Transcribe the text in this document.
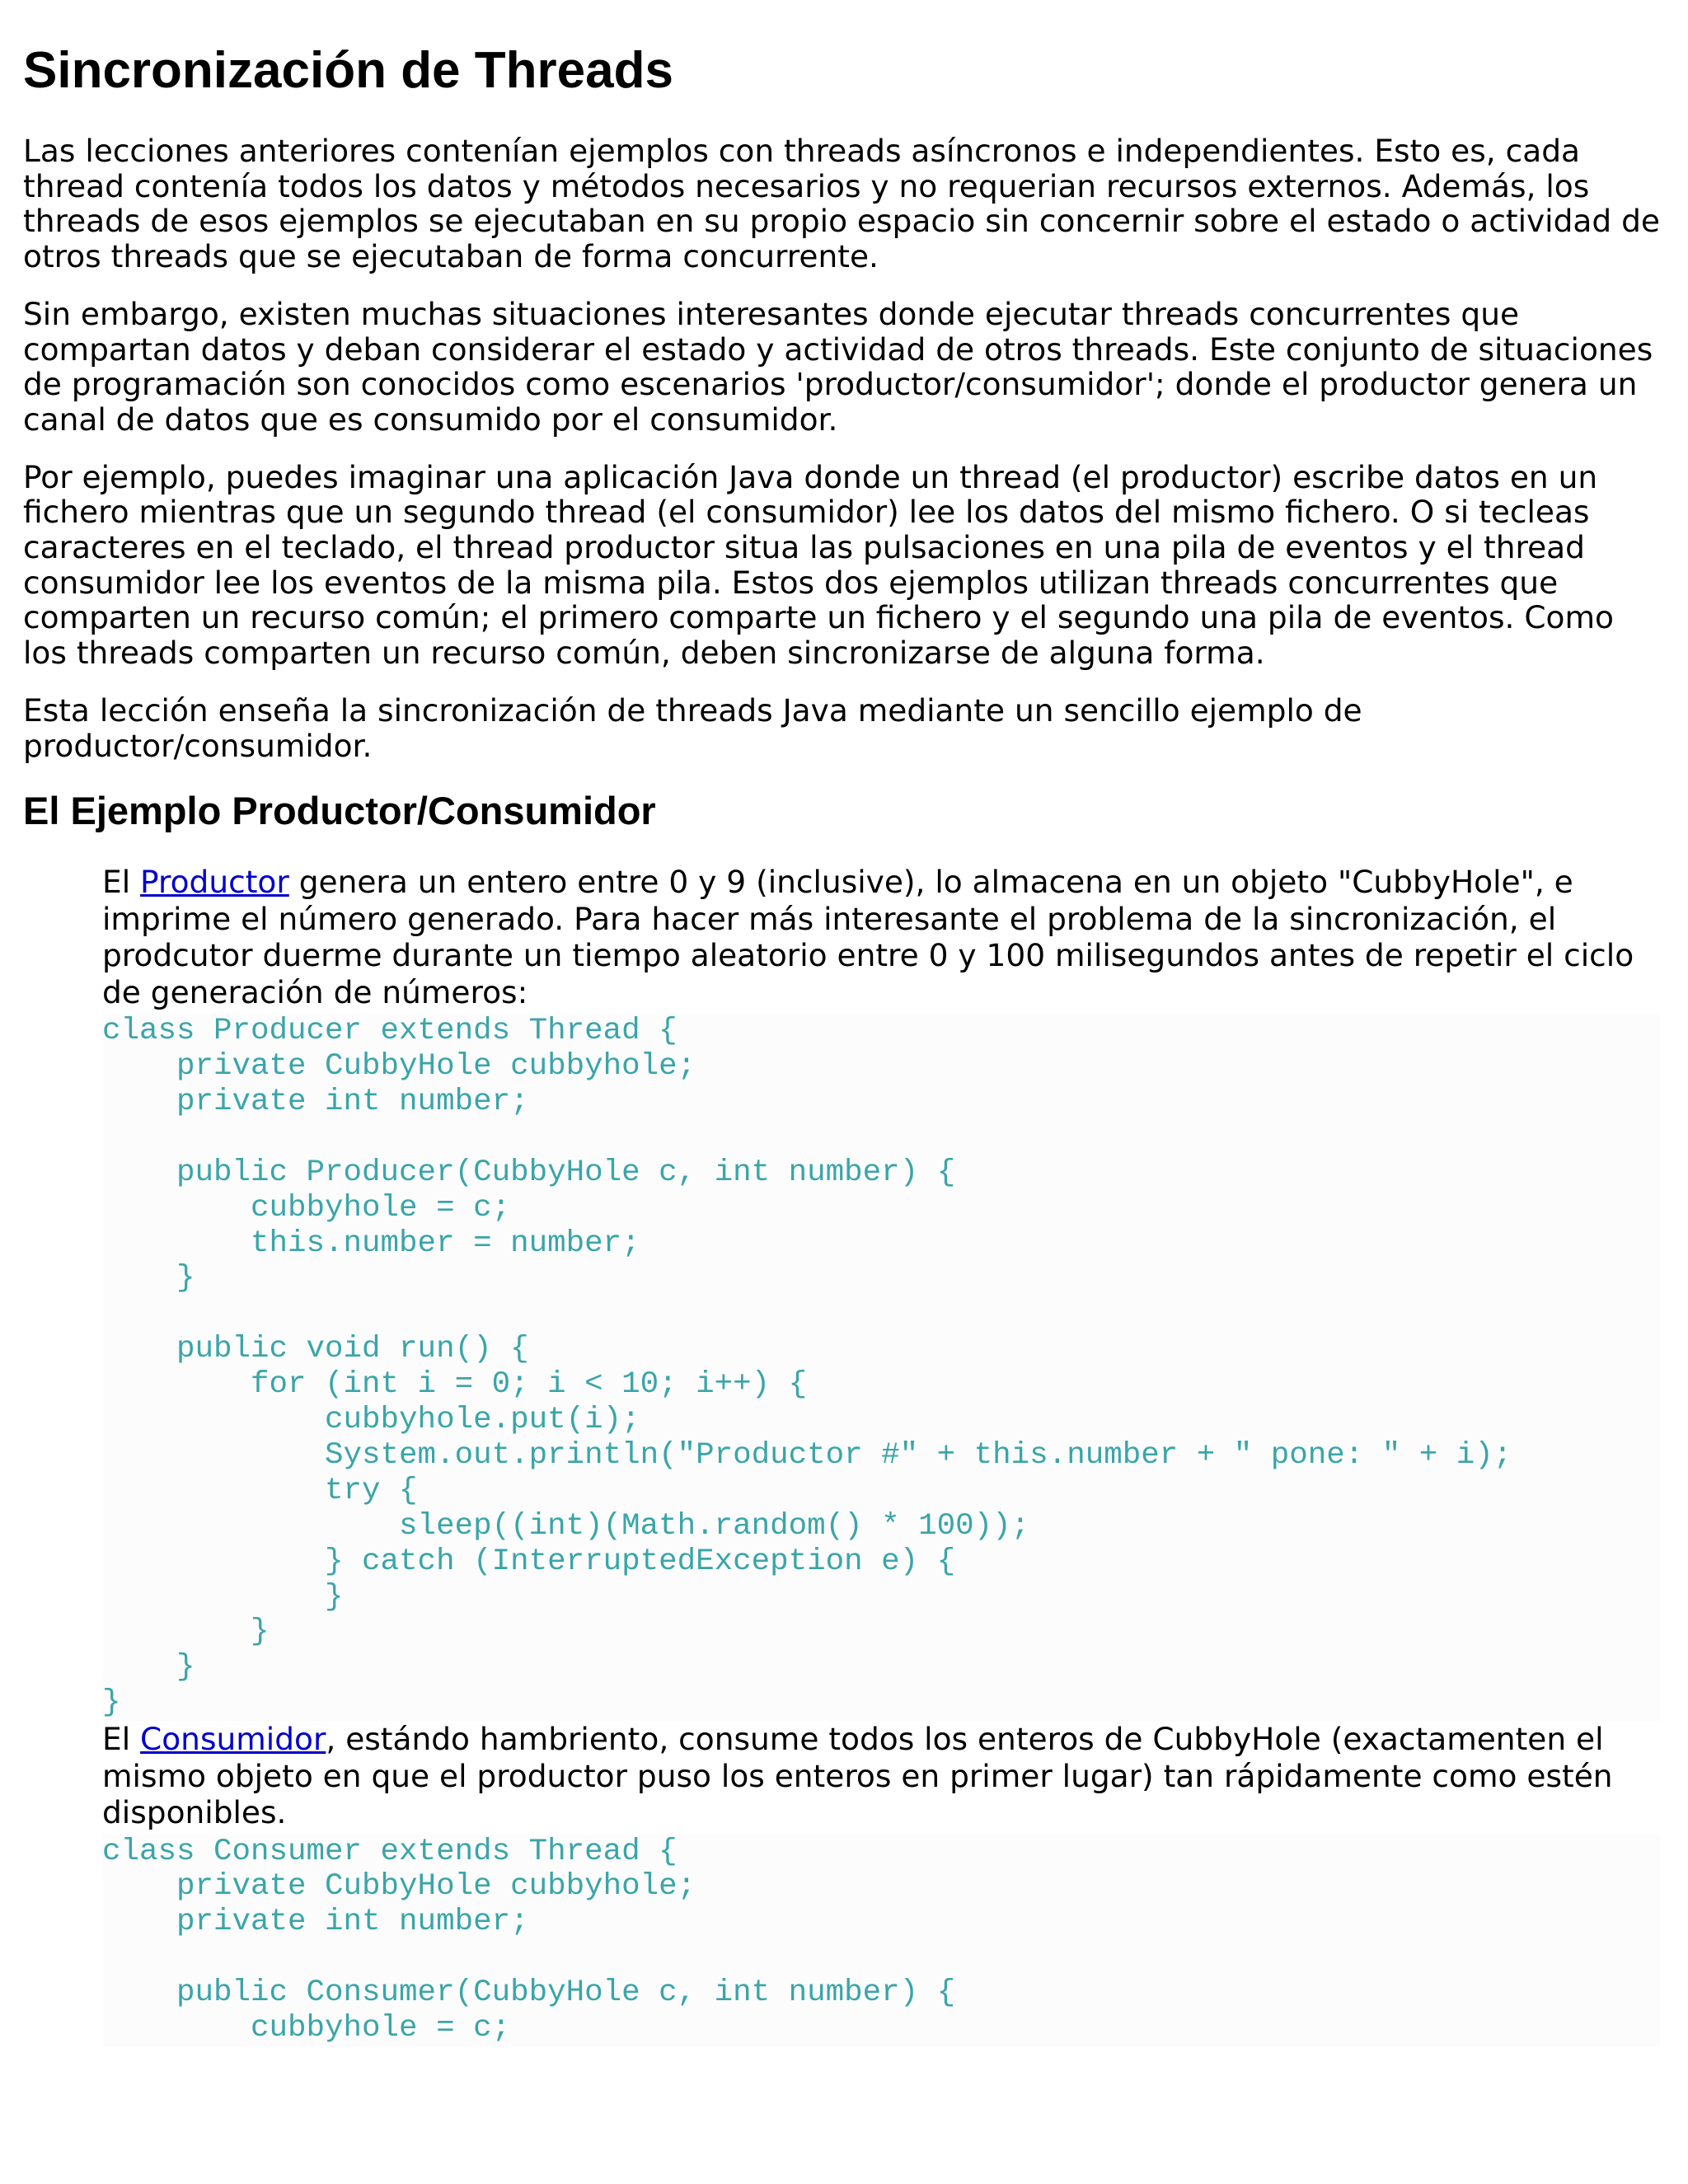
Sincronización de Threads

Las lecciones anteriores contenían ejemplos con threads asíncronos e independientes. Esto es, cada thread contenía todos los datos y métodos necesarios y no requerian recursos externos. Además, los threads de esos ejemplos se ejecutaban en su propio espacio sin concernir sobre el estado o actividad de otros threads que se ejecutaban de forma concurrente.

Sin embargo, existen muchas situaciones interesantes donde ejecutar threads concurrentes que compartan datos y deban considerar el estado y actividad de otros threads. Este conjunto de situaciones de programación son conocidos como escenarios 'productor/consumidor'; donde el productor genera un canal de datos que es consumido por el consumidor.

Por ejemplo, puedes imaginar una aplicación Java donde un thread (el productor) escribe datos en un fichero mientras que un segundo thread (el consumidor) lee los datos del mismo fichero. O si tecleas caracteres en el teclado, el thread productor situa las pulsaciones en una pila de eventos y el thread consumidor lee los eventos de la misma pila. Estos dos ejemplos utilizan threads concurrentes que comparten un recurso común; el primero comparte un fichero y el segundo una pila de eventos. Como los threads comparten un recurso común, deben sincronizarse de alguna forma.

Esta lección enseña la sincronización de threads Java mediante un sencillo ejemplo de productor/consumidor.

El Ejemplo Productor/Consumidor

El Productor genera un entero entre 0 y 9 (inclusive), lo almacena en un objeto "CubbyHole", e imprime el número generado. Para hacer más interesante el problema de la sincronización, el prodcutor duerme durante un tiempo aleatorio entre 0 y 100 milisegundos antes de repetir el ciclo de generación de números:

class Producer extends Thread {
private CubbyHole cubbyhole;
private int number;
public Producer(CubbyHole c, int number) {
cubbyhole = c;
this.number = number;
}
public void run() {
for (int i = 0; i < 10; i++) {
cubbyhole.put(i);
System.out.println("Productor #" + this.number + " pone: " + i);
try {
sleep((int)(Math.random() * 100));
} catch (InterruptedException e) {
}
}
}
}

El Consumidor, estándo hambriento, consume todos los enteros de CubbyHole (exactamenten el mismo objeto en que el productor puso los enteros en primer lugar) tan rápidamente como estén disponibles.

class Consumer extends Thread {
private CubbyHole cubbyhole;
private int number;
public Consumer(CubbyHole c, int number) {
cubbyhole = c;
